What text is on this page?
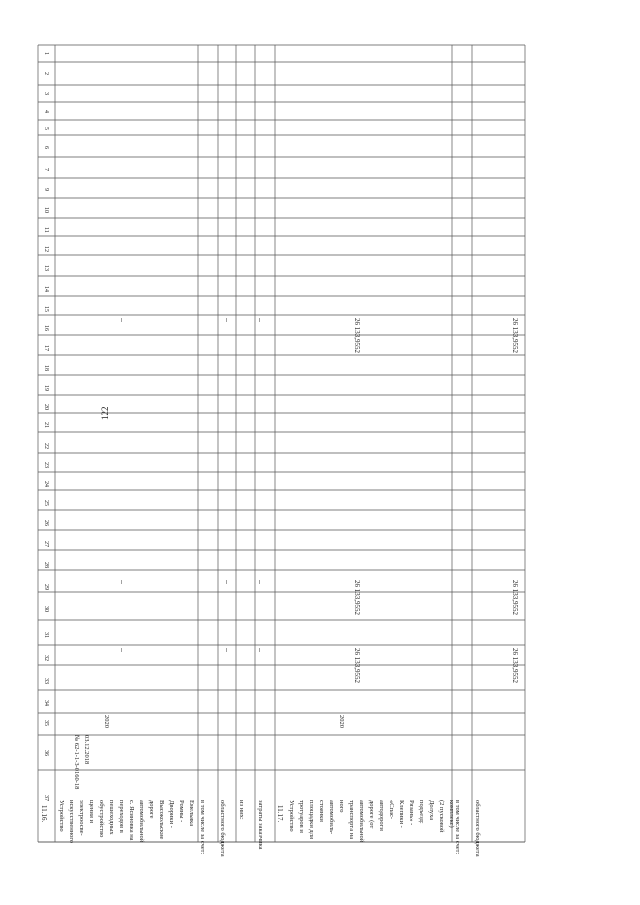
122
1
2
3
4
5
6
7
9
10
11
12
13
14
15
16
17
18
19
20
21
22
23
24
25
26
27
28
29
30
31
32
33
34
35
36
37
11.16. Устройство искусственного электроосве- щения и обустройство пешеходных переходов в с. Ясиновка на автомобильной дороге Высокольские Дворики - Ромны - Емельяка
№ 62-1-1-3-0160-18 03.12.2018
2020
–
–
–
в том числе за счет: областного бюджета из них: затраты заказчика
–
–
–
–
–
–
11.17. Устройство тротуаров и площадки для стоянки автомобиль- ного транспорта на автомобильной дороге (от автодороги «Спас- Клепики - Рязань» - подъезд: Долуха (2 пусковой комплекс)
2020
26 133,9552
26 133,9552
26 133,9552
в том числе за счет: областного бюджета
26 133,9552
26 133,9552
26 133,9552
